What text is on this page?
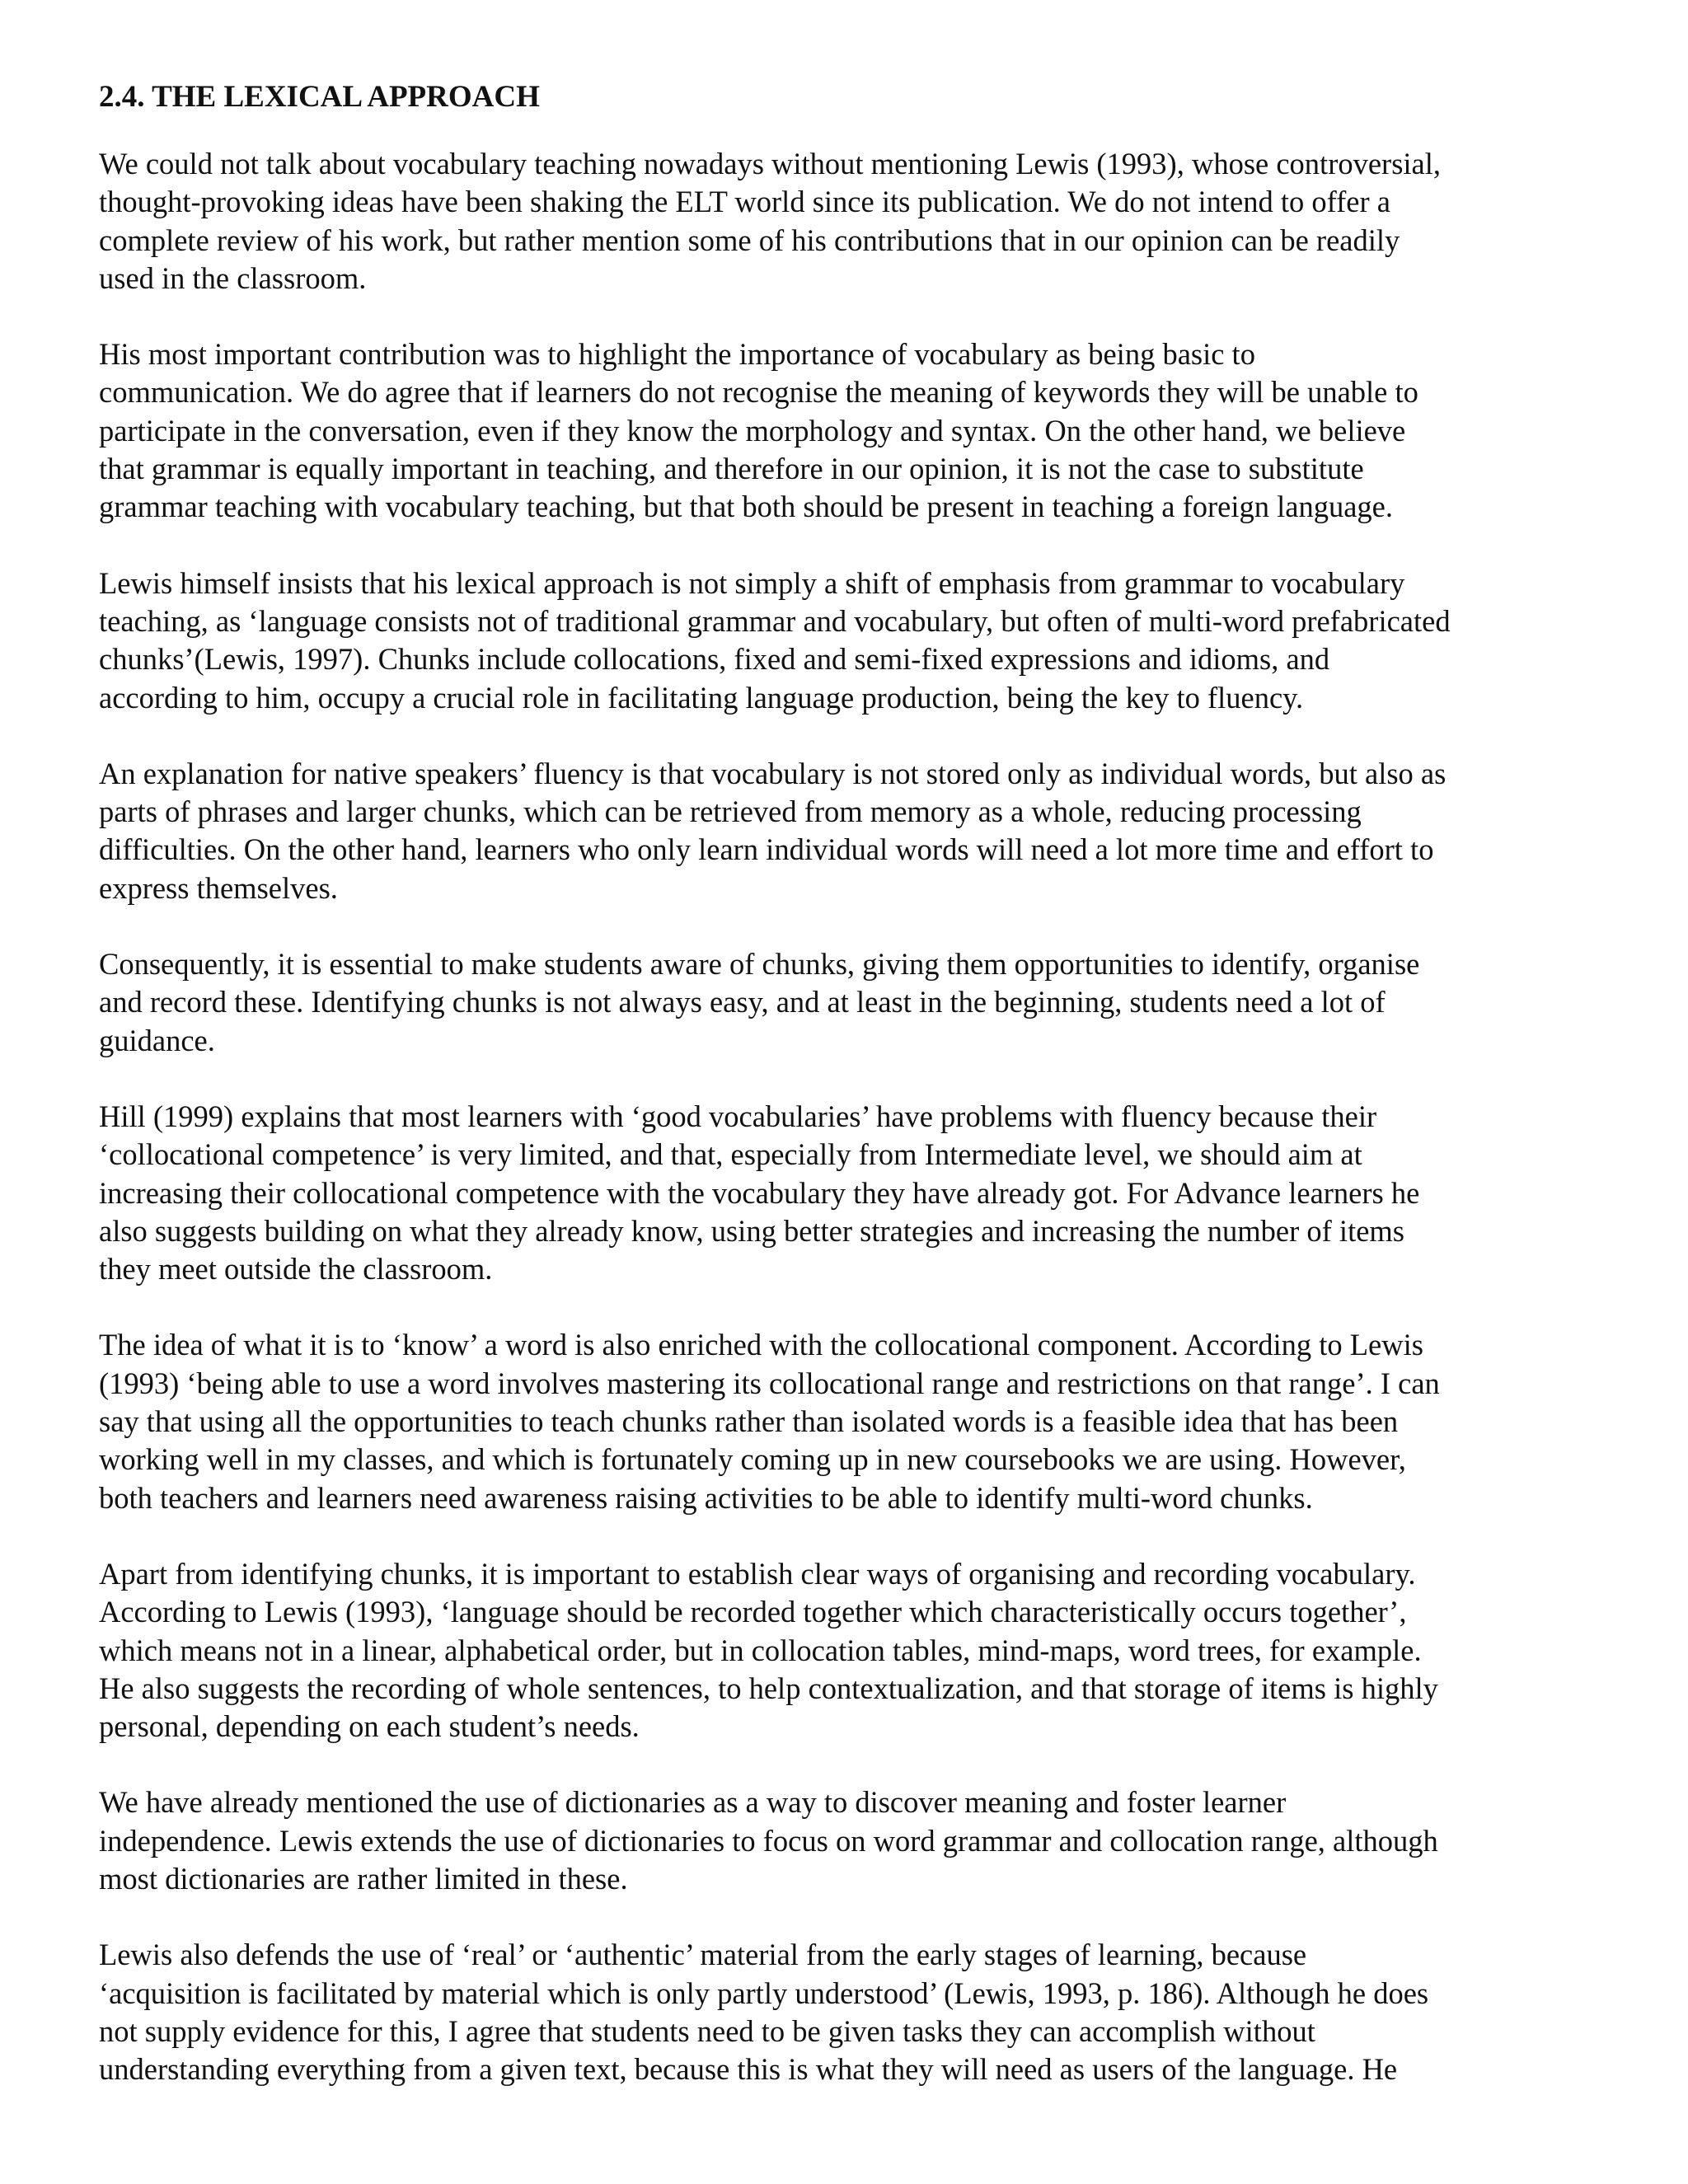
2.4. THE LEXICAL APPROACH

We could not talk about vocabulary teaching nowadays without mentioning Lewis (1993), whose controversial,
thought-provoking ideas have been shaking the ELT world since its publication. We do not intend to offer a
complete review of his work, but rather mention some of his contributions that in our opinion can be readily
used in the classroom.

His most important contribution was to highlight the importance of vocabulary as being basic to
communication. We do agree that if learners do not recognise the meaning of keywords they will be unable to
participate in the conversation, even if they know the morphology and syntax. On the other hand, we believe
that grammar is equally important in teaching, and therefore in our opinion, it is not the case to substitute
grammar teaching with vocabulary teaching, but that both should be present in teaching a foreign language.

Lewis himself insists that his lexical approach is not simply a shift of emphasis from grammar to vocabulary
teaching, as ‘language consists not of traditional grammar and vocabulary, but often of multi-word prefabricated
chunks’(Lewis, 1997). Chunks include collocations, fixed and semi-fixed expressions and idioms, and
according to him, occupy a crucial role in facilitating language production, being the key to fluency.

An explanation for native speakers’ fluency is that vocabulary is not stored only as individual words, but also as
parts of phrases and larger chunks, which can be retrieved from memory as a whole, reducing processing
difficulties. On the other hand, learners who only learn individual words will need a lot more time and effort to
express themselves.

Consequently, it is essential to make students aware of chunks, giving them opportunities to identify, organise
and record these. Identifying chunks is not always easy, and at least in the beginning, students need a lot of
guidance.

Hill (1999) explains that most learners with ‘good vocabularies’ have problems with fluency because their
‘collocational competence’ is very limited, and that, especially from Intermediate level, we should aim at
increasing their collocational competence with the vocabulary they have already got. For Advance learners he
also suggests building on what they already know, using better strategies and increasing the number of items
they meet outside the classroom.

The idea of what it is to ‘know’ a word is also enriched with the collocational component. According to Lewis
(1993) ‘being able to use a word involves mastering its collocational range and restrictions on that range’. I can
say that using all the opportunities to teach chunks rather than isolated words is a feasible idea that has been
working well in my classes, and which is fortunately coming up in new coursebooks we are using. However,
both teachers and learners need awareness raising activities to be able to identify multi-word chunks.

Apart from identifying chunks, it is important to establish clear ways of organising and recording vocabulary.
According to Lewis (1993), ‘language should be recorded together which characteristically occurs together’,
which means not in a linear, alphabetical order, but in collocation tables, mind-maps, word trees, for example.
He also suggests the recording of whole sentences, to help contextualization, and that storage of items is highly
personal, depending on each student’s needs.

We have already mentioned the use of dictionaries as a way to discover meaning and foster learner
independence. Lewis extends the use of dictionaries to focus on word grammar and collocation range, although
most dictionaries are rather limited in these.

Lewis also defends the use of ‘real’ or ‘authentic’ material from the early stages of learning, because
‘acquisition is facilitated by material which is only partly understood’ (Lewis, 1993, p. 186). Although he does
not supply evidence for this, I agree that students need to be given tasks they can accomplish without
understanding everything from a given text, because this is what they will need as users of the language. He
